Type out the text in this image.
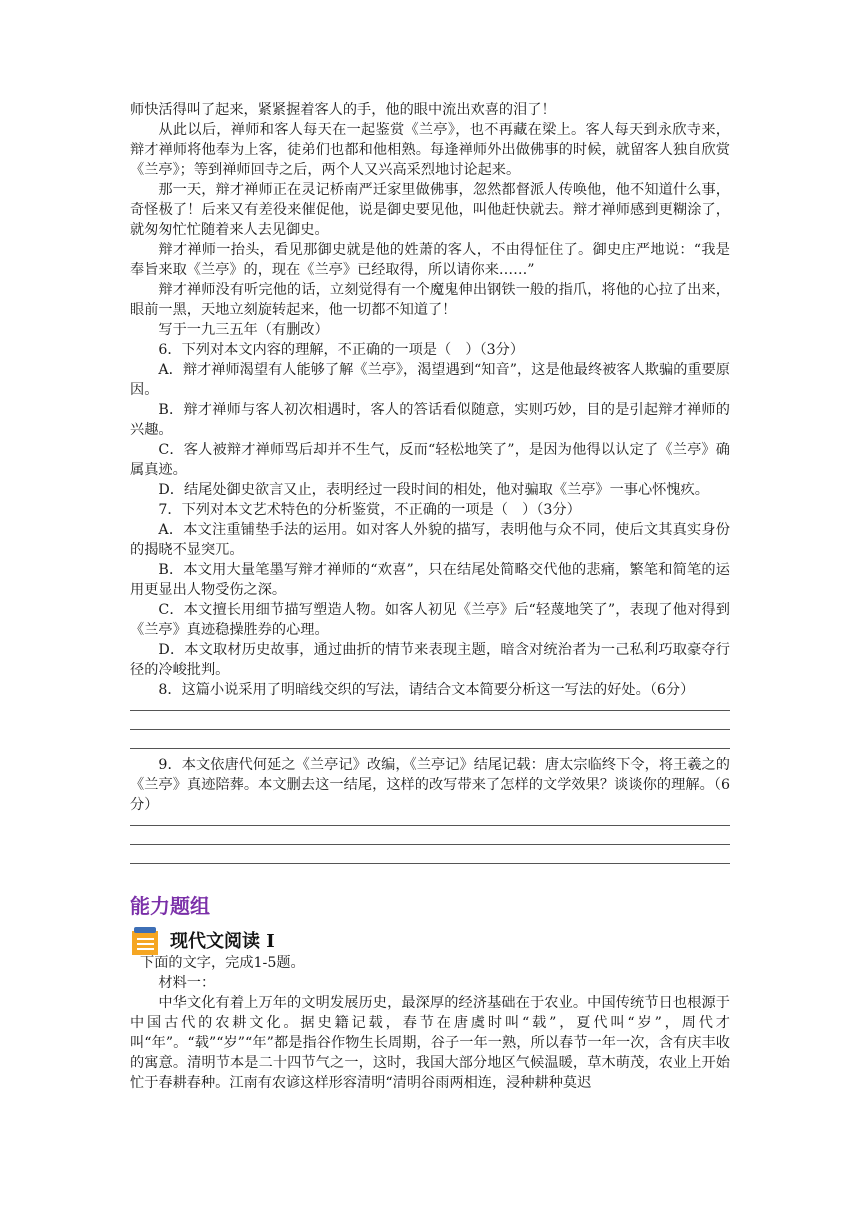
师快活得叫了起来，紧紧握着客人的手，他的眼中流出欢喜的泪了！

从此以后，禅师和客人每天在一起鉴赏《兰亭》，也不再藏在梁上。客人每天到永欣寺来，辩才禅师将他奉为上客，徒弟们也都和他相熟。每逢禅师外出做佛事的时候，就留客人独自欣赏《兰亭》；等到禅师回寺之后，两个人又兴高采烈地讨论起来。

那一天，辩才禅师正在灵记桥南严迁家里做佛事，忽然都督派人传唤他，他不知道什么事，奇怪极了！后来又有差役来催促他，说是御史要见他，叫他赶快就去。辩才禅师感到更糊涂了，就匆匆忙忙随着来人去见御史。

辩才禅师一抬头，看见那御史就是他的姓萧的客人，不由得怔住了。御史庄严地说：“我是奉旨来取《兰亭》的，现在《兰亭》已经取得，所以请你来……”

辩才禅师没有听完他的话，立刻觉得有一个魔鬼伸出钢铁一般的指爪，将他的心拉了出来，眼前一黑，天地立刻旋转起来，他一切都不知道了！

写于一九三五年（有删改）

6．下列对本文内容的理解，不正确的一项是（　）（3分）

A．辩才禅师渴望有人能够了解《兰亭》，渴望遇到“知音”，这是他最终被客人欺骗的重要原因。

B．辩才禅师与客人初次相遇时，客人的答话看似随意，实则巧妙，目的是引起辩才禅师的兴趣。

C．客人被辩才禅师骂后却并不生气，反而“轻松地笑了”，是因为他得以认定了《兰亭》确属真迹。

D．结尾处御史欲言又止，表明经过一段时间的相处，他对骗取《兰亭》一事心怀愧疚。

7．下列对本文艺术特色的分析鉴赏，不正确的一项是（　）（3分）

A．本文注重铺垫手法的运用。如对客人外貌的描写，表明他与众不同，使后文其真实身份的揭晓不显突兀。

B．本文用大量笔墨写辩才禅师的“欢喜”，只在结尾处简略交代他的悲痛，繁笔和简笔的运用更显出人物受伤之深。

C．本文擅长用细节描写塑造人物。如客人初见《兰亭》后“轻蔑地笑了”，表现了他对得到《兰亭》真迹稳操胜券的心理。

D．本文取材历史故事，通过曲折的情节来表现主题，暗含对统治者为一己私利巧取豪夺行径的冷峻批判。

8．这篇小说采用了明暗线交织的写法，请结合文本简要分析这一写法的好处。（6分）

9．本文依唐代何延之《兰亭记》改编，《兰亭记》结尾记载：唐太宗临终下令，将王羲之的《兰亭》真迹陪葬。本文删去这一结尾，这样的改写带来了怎样的文学效果？谈谈你的理解。（6分）

能力题组

现代文阅读 I

下面的文字，完成1-5题。

材料一：

中华文化有着上万年的文明发展历史，最深厚的经济基础在于农业。中国传统节日也根源于中国古代的农耕文化。据史籍记载，春节在唐虞时叫“载”，夏代叫“岁”，周代才叫“年”。“载”“岁”“年”都是指谷作物生长周期，谷子一年一熟，所以春节一年一次，含有庆丰收的寓意。清明节本是二十四节气之一，这时，我国大部分地区气候温暖，草木萌茂，农业上开始忙于春耕春种。江南有农谚这样形容清明“清明谷雨两相连，浸种耕种莫迟
